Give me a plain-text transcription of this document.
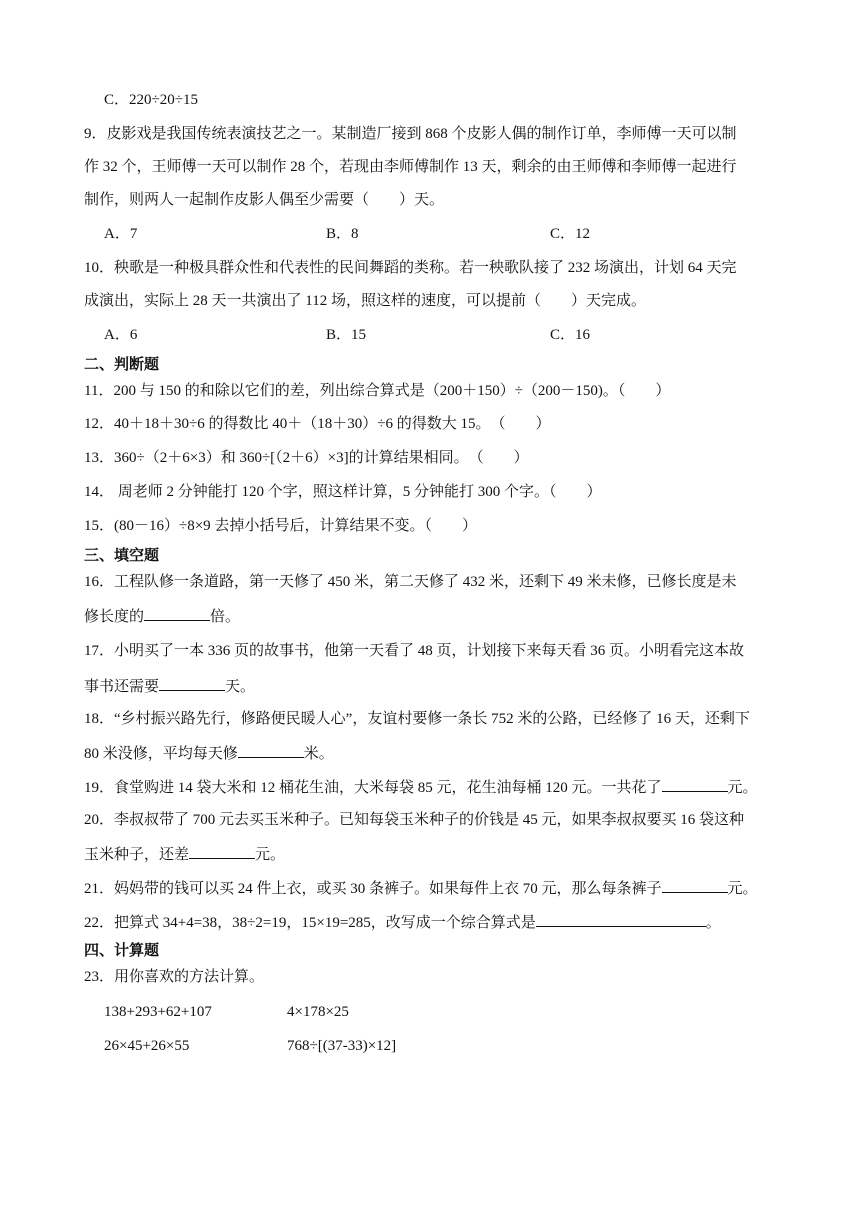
C．220÷20÷15
9．皮影戏是我国传统表演技艺之一。某制造厂接到 868 个皮影人偶的制作订单，李师傅一天可以制
作 32 个，王师傅一天可以制作 28 个，若现由李师傅制作 13 天，剩余的由王师傅和李师傅一起进行
制作，则两人一起制作皮影人偶至少需要（　　）天。
A．7	B．8	C．12
10．秧歌是一种极具群众性和代表性的民间舞蹈的类称。若一秧歌队接了 232 场演出，计划 64 天完
成演出，实际上 28 天一共演出了 112 场，照这样的速度，可以提前（　　）天完成。
A．6	B．15	C．16
二、判断题
11．200 与 150 的和除以它们的差，列出综合算式是（200＋150）÷（200－150)。（　　）
12．40＋18＋30÷6 的得数比 40＋（18＋30）÷6 的得数大 15。　（　　）
13．360÷（2＋6×3）和 360÷[（2＋6）×3]的计算结果相同。　（　　）
14． 周老师 2 分钟能打 120 个字，照这样计算，5 分钟能打 300 个字。（　　）
15．(80－16）÷8×9 去掉小括号后，计算结果不变。（　　）
三、填空题
16．工程队修一条道路，第一天修了 450 米，第二天修了 432 米，还剩下 49 米未修，已修长度是未
修长度的	倍。
17．小明买了一本 336 页的故事书，他第一天看了 48 页，计划接下来每天看 36 页。小明看完这本故
事书还需要	天。
18．“乡村振兴路先行，修路便民暖人心”，友谊村要修一条长 752 米的公路，已经修了 16 天，还剩下
80 米没修，平均每天修	米。
19．食堂购进 14 袋大米和 12 桶花生油，大米每袋 85 元，花生油每桶 120 元。一共花了	元。
20．李叔叔带了 700 元去买玉米种子。已知每袋玉米种子的价钱是 45 元，如果李叔叔要买 16 袋这种
玉米种子，还差	元。
21．妈妈带的钱可以买 24 件上衣，或买 30 条裤子。如果每件上衣 70 元，那么每条裤子	元。
22．把算式 34+4=38，38÷2=19，15×19=285，改写成一个综合算式是	。
四、计算题
23．用你喜欢的方法计算。
138+293+62+107	4×178×25
26×45+26×55	768÷[(37-33)×12]
